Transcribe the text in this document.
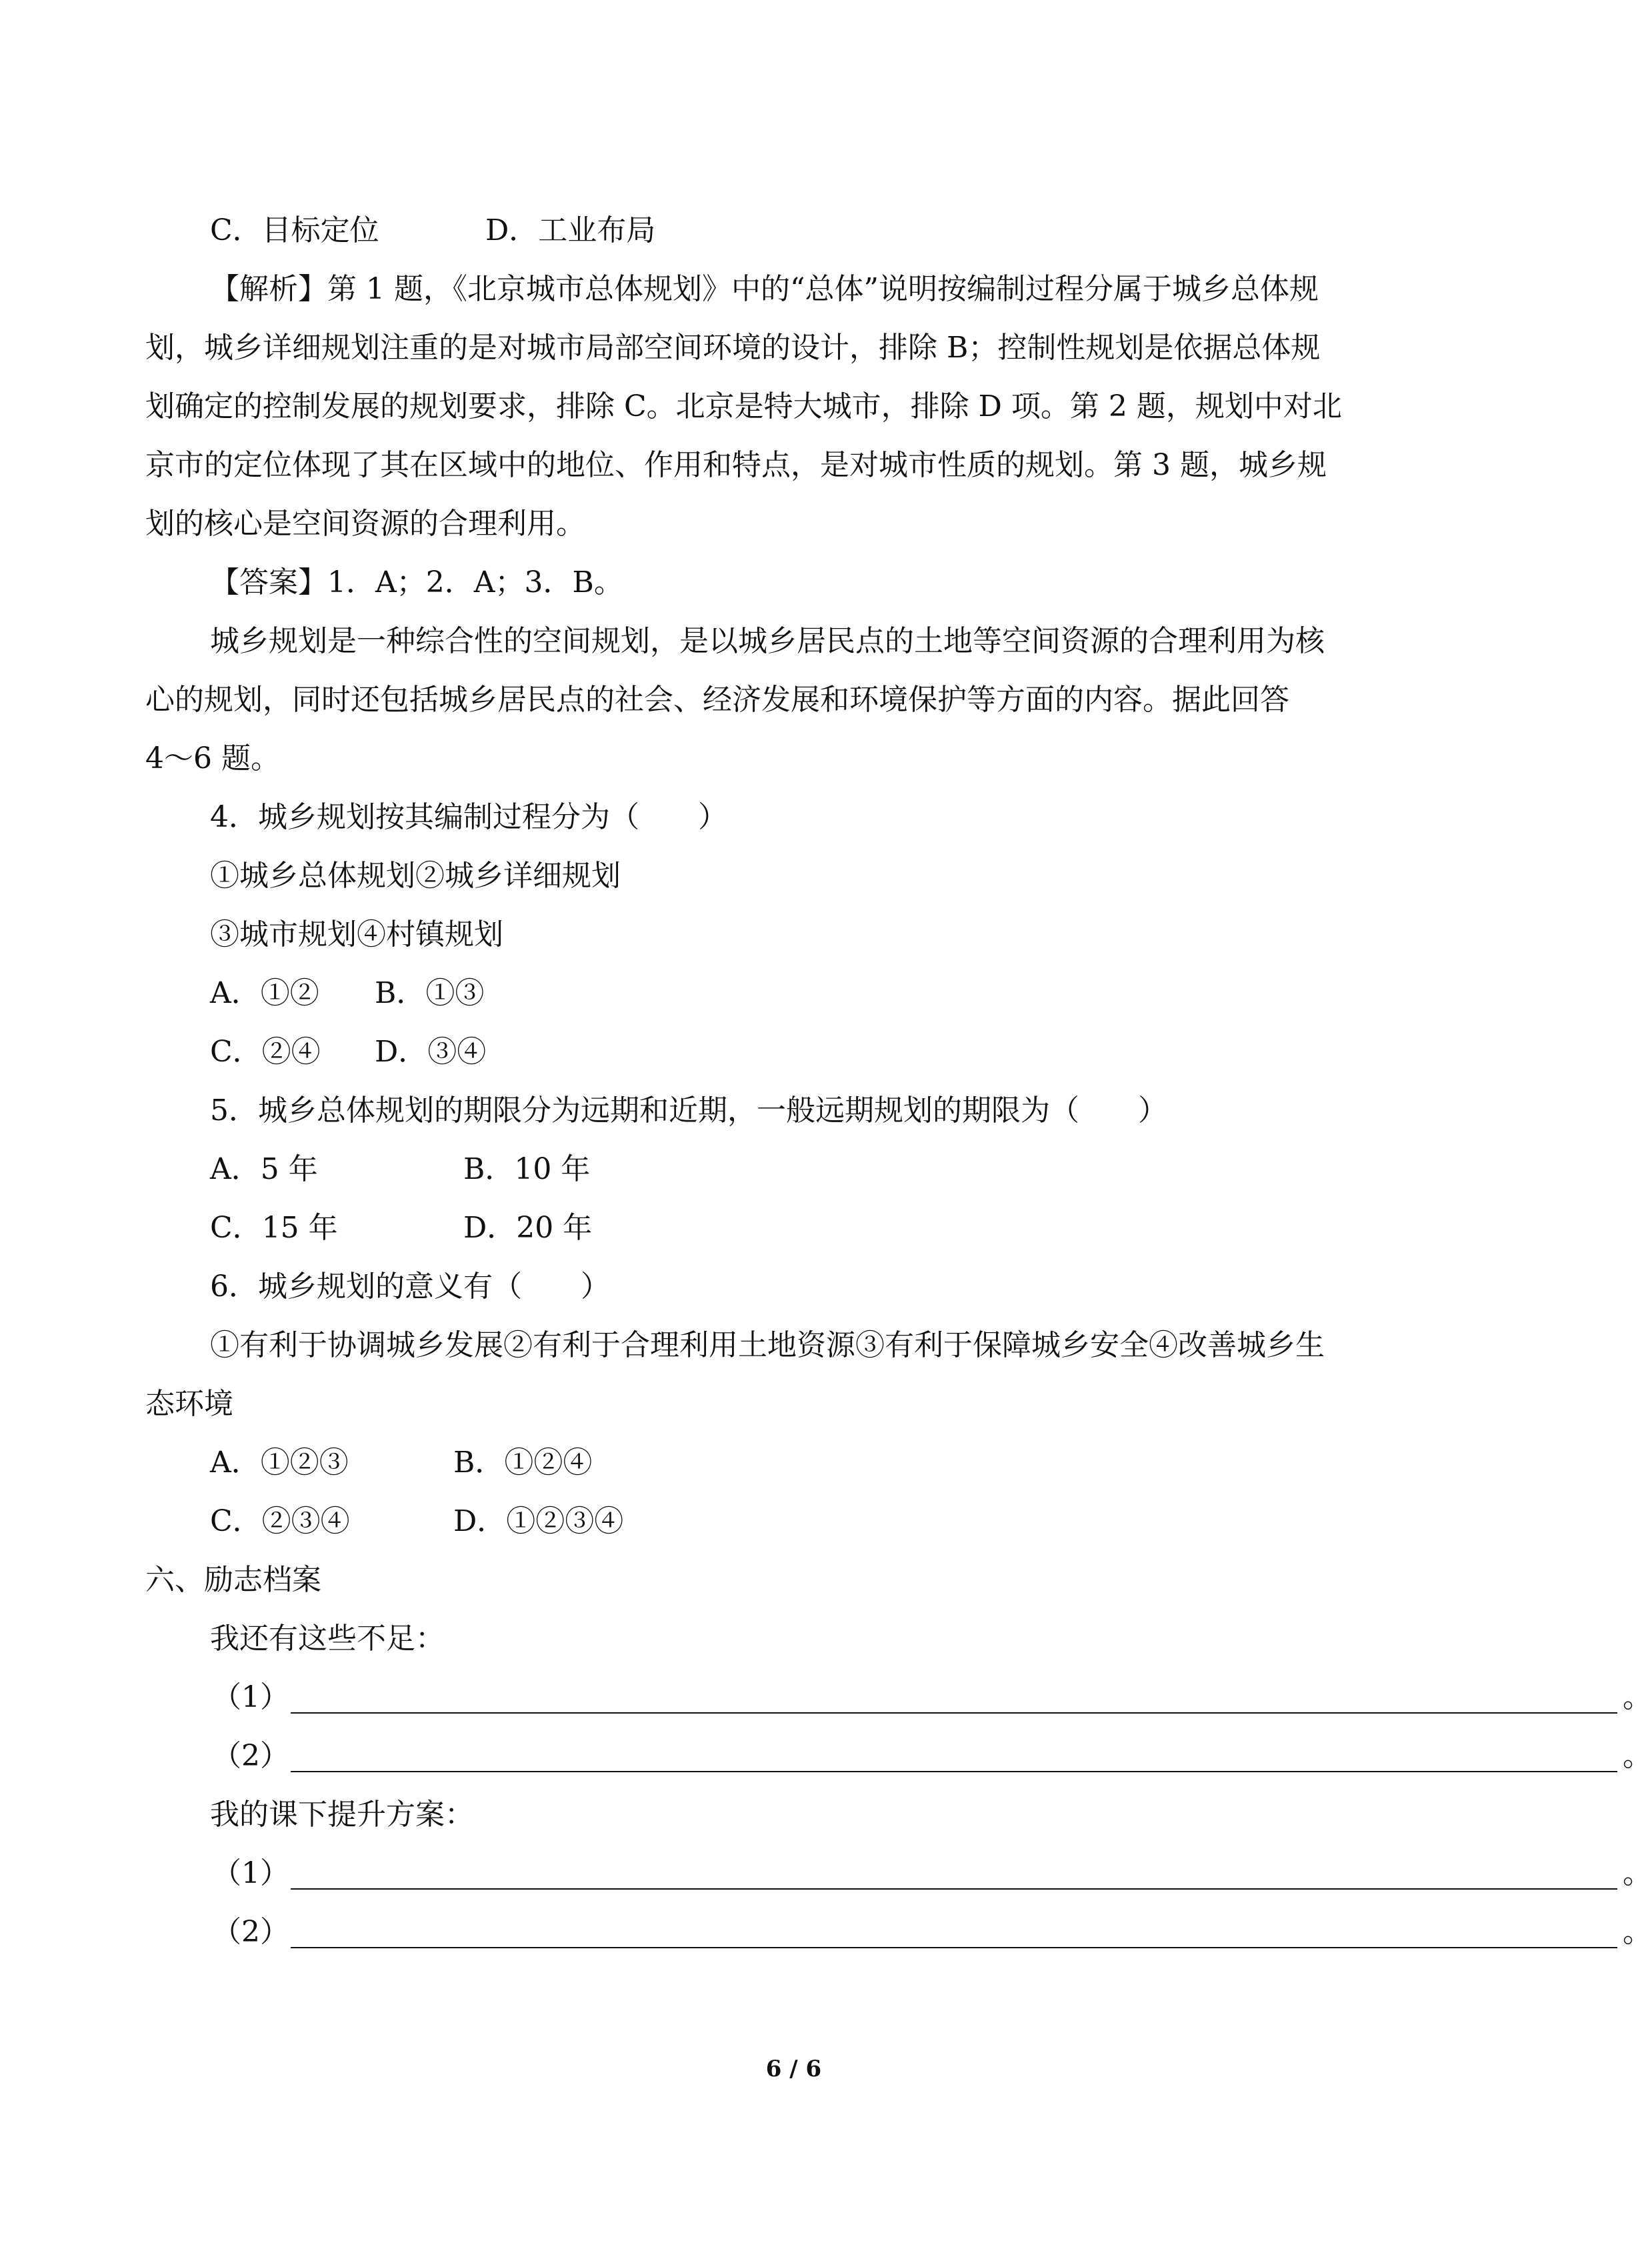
C．目标定位	D．工业布局
【解析】第 1 题，《北京城市总体规划》中的“总体”说明按编制过程分属于城乡总体规
划，城乡详细规划注重的是对城市局部空间环境的设计，排除 B；控制性规划是依据总体规
划确定的控制发展的规划要求，排除 C。北京是特大城市，排除 D 项。第 2 题，规划中对北
京市的定位体现了其在区域中的地位、作用和特点，是对城市性质的规划。第 3 题，城乡规
划的核心是空间资源的合理利用。
【答案】1．A；2．A；3．B。
城乡规划是一种综合性的空间规划，是以城乡居民点的土地等空间资源的合理利用为核
心的规划，同时还包括城乡居民点的社会、经济发展和环境保护等方面的内容。据此回答
4～6 题。
4．城乡规划按其编制过程分为（　　）
①城乡总体规划②城乡详细规划
③城市规划④村镇规划
A．①② B．①③
C．②④ D．③④
5．城乡总体规划的期限分为远期和近期，一般远期规划的期限为（　　）
A．5 年	B．10 年
C．15 年	D．20 年
6．城乡规划的意义有（　　）
①有利于协调城乡发展②有利于合理利用土地资源③有利于保障城乡安全④改善城乡生
态环境
A．①②③	B．①②④
C．②③④	D．①②③④
六、励志档案
我还有这些不足：
（1）	。
（2）	。
我的课下提升方案：
（1）	。
（2）	。
6 / 6
